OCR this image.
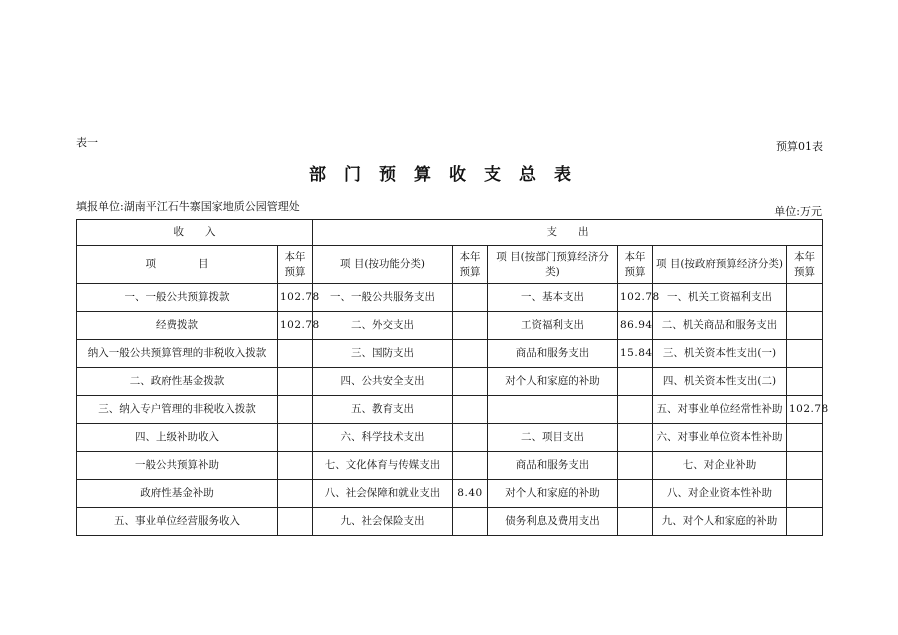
表一	预算01表
部门预算收支总表
填报单位:湖南平江石牛寨国家地质公园管理处	单位:万元
收　　入		支　　出					
项　　　　目	本年预算	项 目(按功能分类)	本年预算	项 目(按部门预算经济分类)	本年预算	项 目(按政府预算经济分类)	本年预算
一、一般公共预算拨款	102.78	一、一般公共服务支出		一、基本支出	102.78	一、机关工资福利支出	
经费拨款	102.78	二、外交支出		工资福利支出	86.94	二、机关商品和服务支出	
纳入一般公共预算管理的非税收入拨款		三、国防支出		商品和服务支出	15.84	三、机关资本性支出(一)	
二、政府性基金拨款		四、公共安全支出		对个人和家庭的补助		四、机关资本性支出(二)	
三、纳入专户管理的非税收入拨款		五、教育支出				五、对事业单位经常性补助	102.78
四、上级补助收入		六、科学技术支出		二、项目支出		六、对事业单位资本性补助	
一般公共预算补助		七、文化体育与传媒支出		商品和服务支出		七、对企业补助	
政府性基金补助		八、社会保障和就业支出	8.40	对个人和家庭的补助		八、对企业资本性补助	
五、事业单位经营服务收入		九、社会保险支出		债务利息及费用支出		九、对个人和家庭的补助	
